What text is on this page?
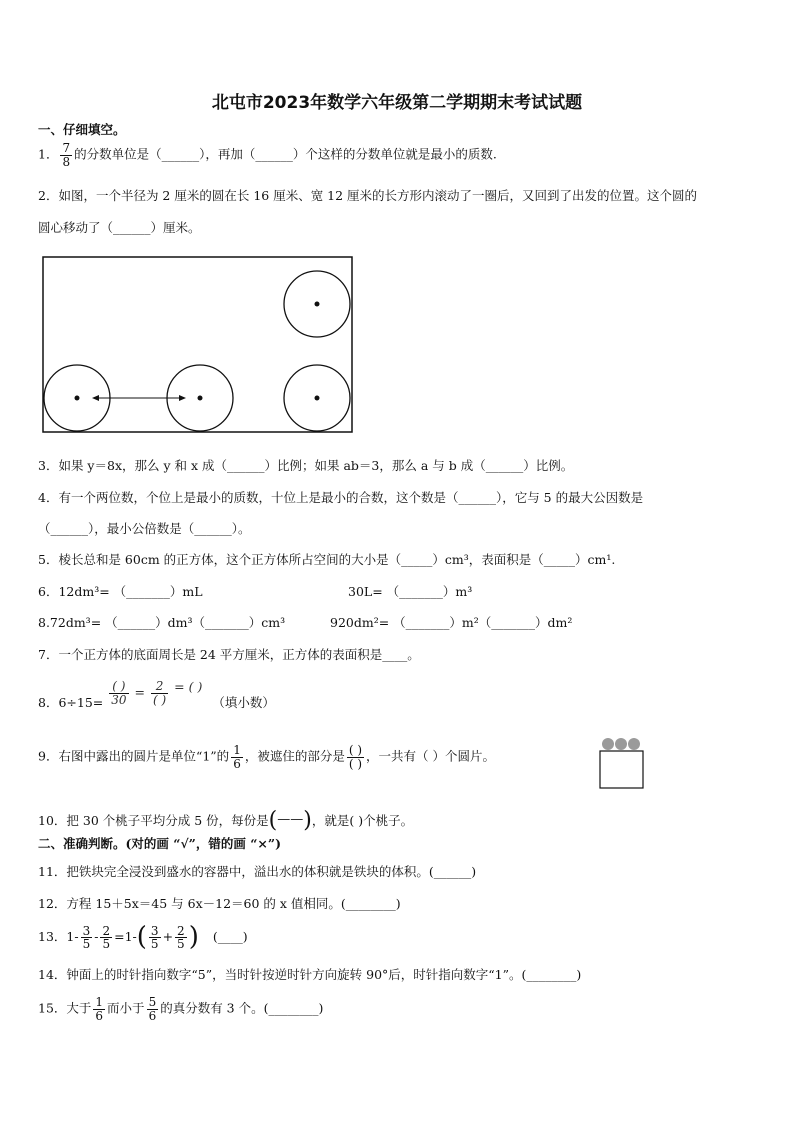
北屯市2023年数学六年级第二学期期末考试试题
一、仔细填空。
1． $\frac{7}{8}$ 的分数单位是（______），再加（______）个这样的分数单位就是最小的质数.
2．如图，一个半径为 2 厘米的圆在长 16 厘米、宽 12 厘米的长方形内滚动了一圈后，又回到了出发的位置。这个圆的
圆心移动了（______）厘米。
3．如果 y＝8x，那么 y 和 x 成（______）比例；如果 ab＝3，那么 a 与 b 成（______）比例。
4．有一个两位数，个位上是最小的质数，十位上是最小的合数，这个数是（______），它与 5 的最大公因数是
（______），最小公倍数是（______）。
5．棱长总和是 60cm 的正方体，这个正方体所占空间的大小是（_____）cm³，表面积是（_____）cm¹.
6．12dm³= （_______）mL	30L= （_______）m³
8.72dm³= （______）dm³（_______）cm³	920dm²= （_______）m²（_______）dm²
7．一个正方体的底面周长是 24 平方厘米，正方体的表面积是____。
8．$6\div 15= \frac{( )}{30} = \frac{2}{( )}$ = ( ) （填小数）
9．右图中露出的圆片是单位“1”的 $\frac{1}{6}$ ，被遮住的部分是 $\frac{( )}{( )}$ ，一共有（ ）个圆片。
10．把 30 个桃子平均分成 5 份，每份是(——)，就是( )个桃子。
二、准确判断。(对的画 “√”，错的画 “×”)
11．把铁块完全浸没到盛水的容器中，溢出水的体积就是铁块的体积。(______)
12．方程 15＋5x＝45 与 6x－12＝60 的 x 值相同。(________)
13．$1- \frac{3}{5} - \frac{2}{5} =1-( \frac{3}{5} + \frac{2}{5}$ ) (____)
14．钟面上的时针指向数字“5”，当时针按逆时针方向旋转 90°后，时针指向数字“1”。(________)
15．大于 $\frac{1}{6}$ 而小于 $\frac{5}{6}$ 的真分数有 3 个。(________)
